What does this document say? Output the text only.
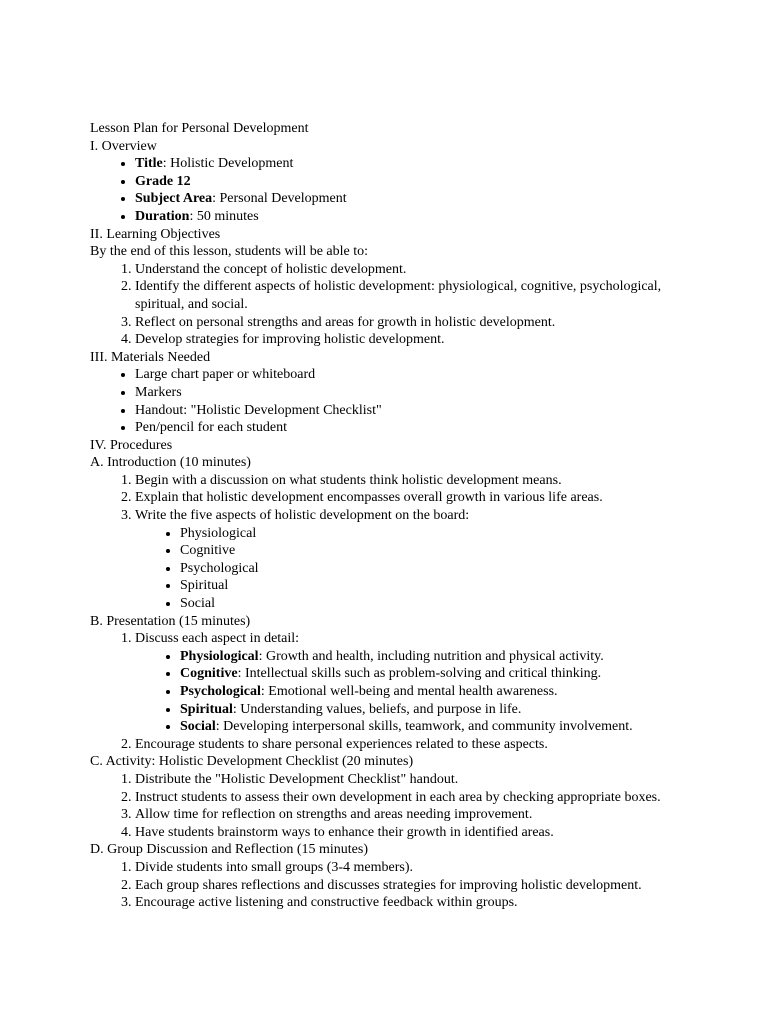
Lesson Plan for Personal Development

I. Overview

• Title: Holistic Development
• Grade 12
• Subject Area: Personal Development
• Duration: 50 minutes

II. Learning Objectives

By the end of this lesson, students will be able to:

1. Understand the concept of holistic development.
2. Identify the different aspects of holistic development: physiological, cognitive, psychological, spiritual, and social.
3. Reflect on personal strengths and areas for growth in holistic development.
4. Develop strategies for improving holistic development.

III. Materials Needed

• Large chart paper or whiteboard
• Markers
• Handout: "Holistic Development Checklist"
• Pen/pencil for each student

IV. Procedures

A. Introduction (10 minutes)

1. Begin with a discussion on what students think holistic development means.
2. Explain that holistic development encompasses overall growth in various life areas.
3. Write the five aspects of holistic development on the board:
• Physiological
• Cognitive
• Psychological
• Spiritual
• Social

B. Presentation (15 minutes)

1. Discuss each aspect in detail:
• Physiological: Growth and health, including nutrition and physical activity.
• Cognitive: Intellectual skills such as problem-solving and critical thinking.
• Psychological: Emotional well-being and mental health awareness.
• Spiritual: Understanding values, beliefs, and purpose in life.
• Social: Developing interpersonal skills, teamwork, and community involvement.
2. Encourage students to share personal experiences related to these aspects.

C. Activity: Holistic Development Checklist (20 minutes)

1. Distribute the "Holistic Development Checklist" handout.
2. Instruct students to assess their own development in each area by checking appropriate boxes.
3. Allow time for reflection on strengths and areas needing improvement.
4. Have students brainstorm ways to enhance their growth in identified areas.

D. Group Discussion and Reflection (15 minutes)

1. Divide students into small groups (3-4 members).
2. Each group shares reflections and discusses strategies for improving holistic development.
3. Encourage active listening and constructive feedback within groups.
